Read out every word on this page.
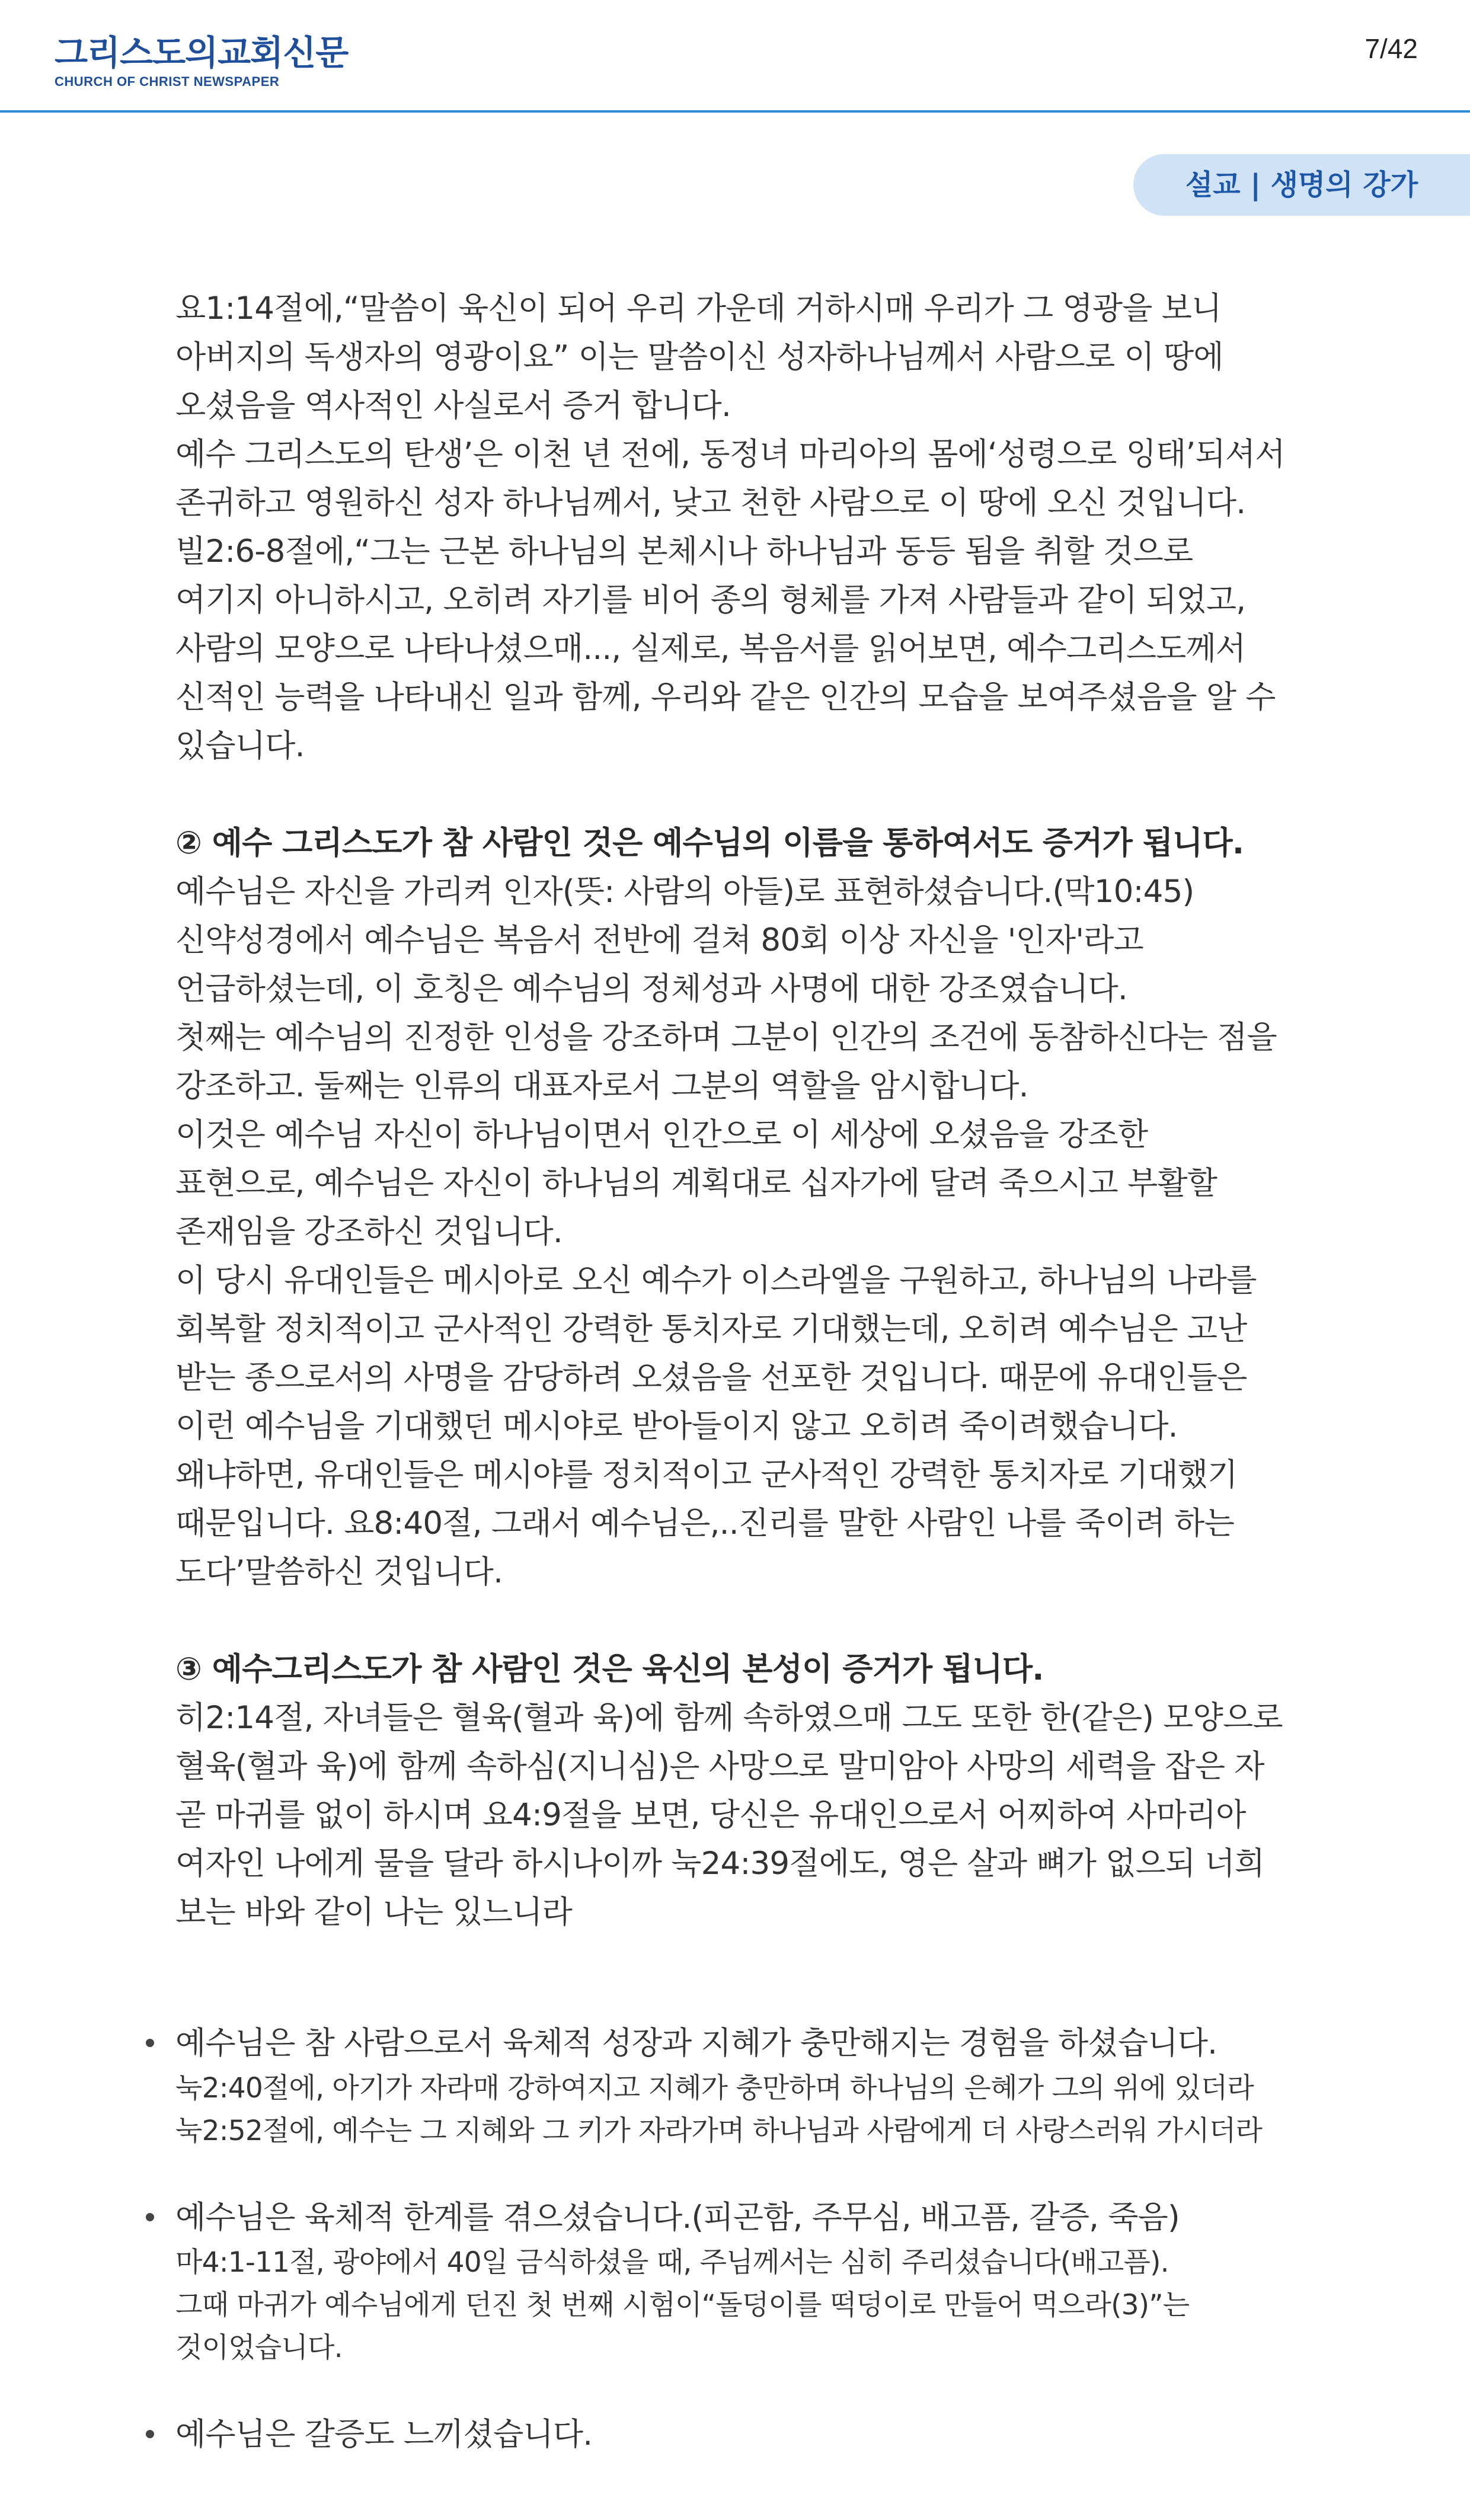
그리스도의교회신문
CHURCH OF CHRIST NEWSPAPER
7/42
설교 | 생명의 강가
요1:14절에,“말씀이 육신이 되어 우리 가운데 거하시매 우리가 그 영광을 보니
아버지의 독생자의 영광이요” 이는 말씀이신 성자하나님께서 사람으로 이 땅에
오셨음을 역사적인 사실로서 증거 합니다.
예수 그리스도의 탄생’은 이천 년 전에, 동정녀 마리아의 몸에‘성령으로 잉태’되셔서
존귀하고 영원하신 성자 하나님께서, 낮고 천한 사람으로 이 땅에 오신 것입니다.
빌2:6-8절에,“그는 근본 하나님의 본체시나 하나님과 동등 됨을 취할 것으로
여기지 아니하시고, 오히려 자기를 비어 종의 형체를 가져 사람들과 같이 되었고,
사람의 모양으로 나타나셨으매..., 실제로, 복음서를 읽어보면, 예수그리스도께서
신적인 능력을 나타내신 일과 함께, 우리와 같은 인간의 모습을 보여주셨음을 알 수
있습니다.
② 예수 그리스도가 참 사람인 것은 예수님의 이름을 통하여서도 증거가 됩니다.
예수님은 자신을 가리켜 인자(뜻: 사람의 아들)로 표현하셨습니다.(막10:45)
신약성경에서 예수님은 복음서 전반에 걸쳐 80회 이상 자신을 '인자'라고
언급하셨는데, 이 호칭은 예수님의 정체성과 사명에 대한 강조였습니다.
첫째는 예수님의 진정한 인성을 강조하며 그분이 인간의 조건에 동참하신다는 점을
강조하고. 둘째는 인류의 대표자로서 그분의 역할을 암시합니다.
이것은 예수님 자신이 하나님이면서 인간으로 이 세상에 오셨음을 강조한
표현으로, 예수님은 자신이 하나님의 계획대로 십자가에 달려 죽으시고 부활할
존재임을 강조하신 것입니다.
이 당시 유대인들은 메시아로 오신 예수가 이스라엘을 구원하고, 하나님의 나라를
회복할 정치적이고 군사적인 강력한 통치자로 기대했는데, 오히려 예수님은 고난
받는 종으로서의 사명을 감당하려 오셨음을 선포한 것입니다. 때문에 유대인들은
이런 예수님을 기대했던 메시야로 받아들이지 않고 오히려 죽이려했습니다.
왜냐하면, 유대인들은 메시야를 정치적이고 군사적인 강력한 통치자로 기대했기
때문입니다. 요8:40절, 그래서 예수님은,..진리를 말한 사람인 나를 죽이려 하는
도다’말씀하신 것입니다.
③ 예수그리스도가 참 사람인 것은 육신의 본성이 증거가 됩니다.
히2:14절, 자녀들은 혈육(혈과 육)에 함께 속하였으매 그도 또한 한(같은) 모양으로
혈육(혈과 육)에 함께 속하심(지니심)은 사망으로 말미암아 사망의 세력을 잡은 자
곧 마귀를 없이 하시며 요4:9절을 보면, 당신은 유대인으로서 어찌하여 사마리아
여자인 나에게 물을 달라 하시나이까 눅24:39절에도, 영은 살과 뼈가 없으되 너희
보는 바와 같이 나는 있느니라
예수님은 참 사람으로서 육체적 성장과 지혜가 충만해지는 경험을 하셨습니다.
눅2:40절에, 아기가 자라매 강하여지고 지혜가 충만하며 하나님의 은혜가 그의 위에 있더라
눅2:52절에, 예수는 그 지혜와 그 키가 자라가며 하나님과 사람에게 더 사랑스러워 가시더라
예수님은 육체적 한계를 겪으셨습니다.(피곤함, 주무심, 배고픔, 갈증, 죽음)
마4:1-11절, 광야에서 40일 금식하셨을 때, 주님께서는 심히 주리셨습니다(배고픔).
그때 마귀가 예수님에게 던진 첫 번째 시험이“돌덩이를 떡덩이로 만들어 먹으라(3)”는
것이었습니다.
예수님은 갈증도 느끼셨습니다.
